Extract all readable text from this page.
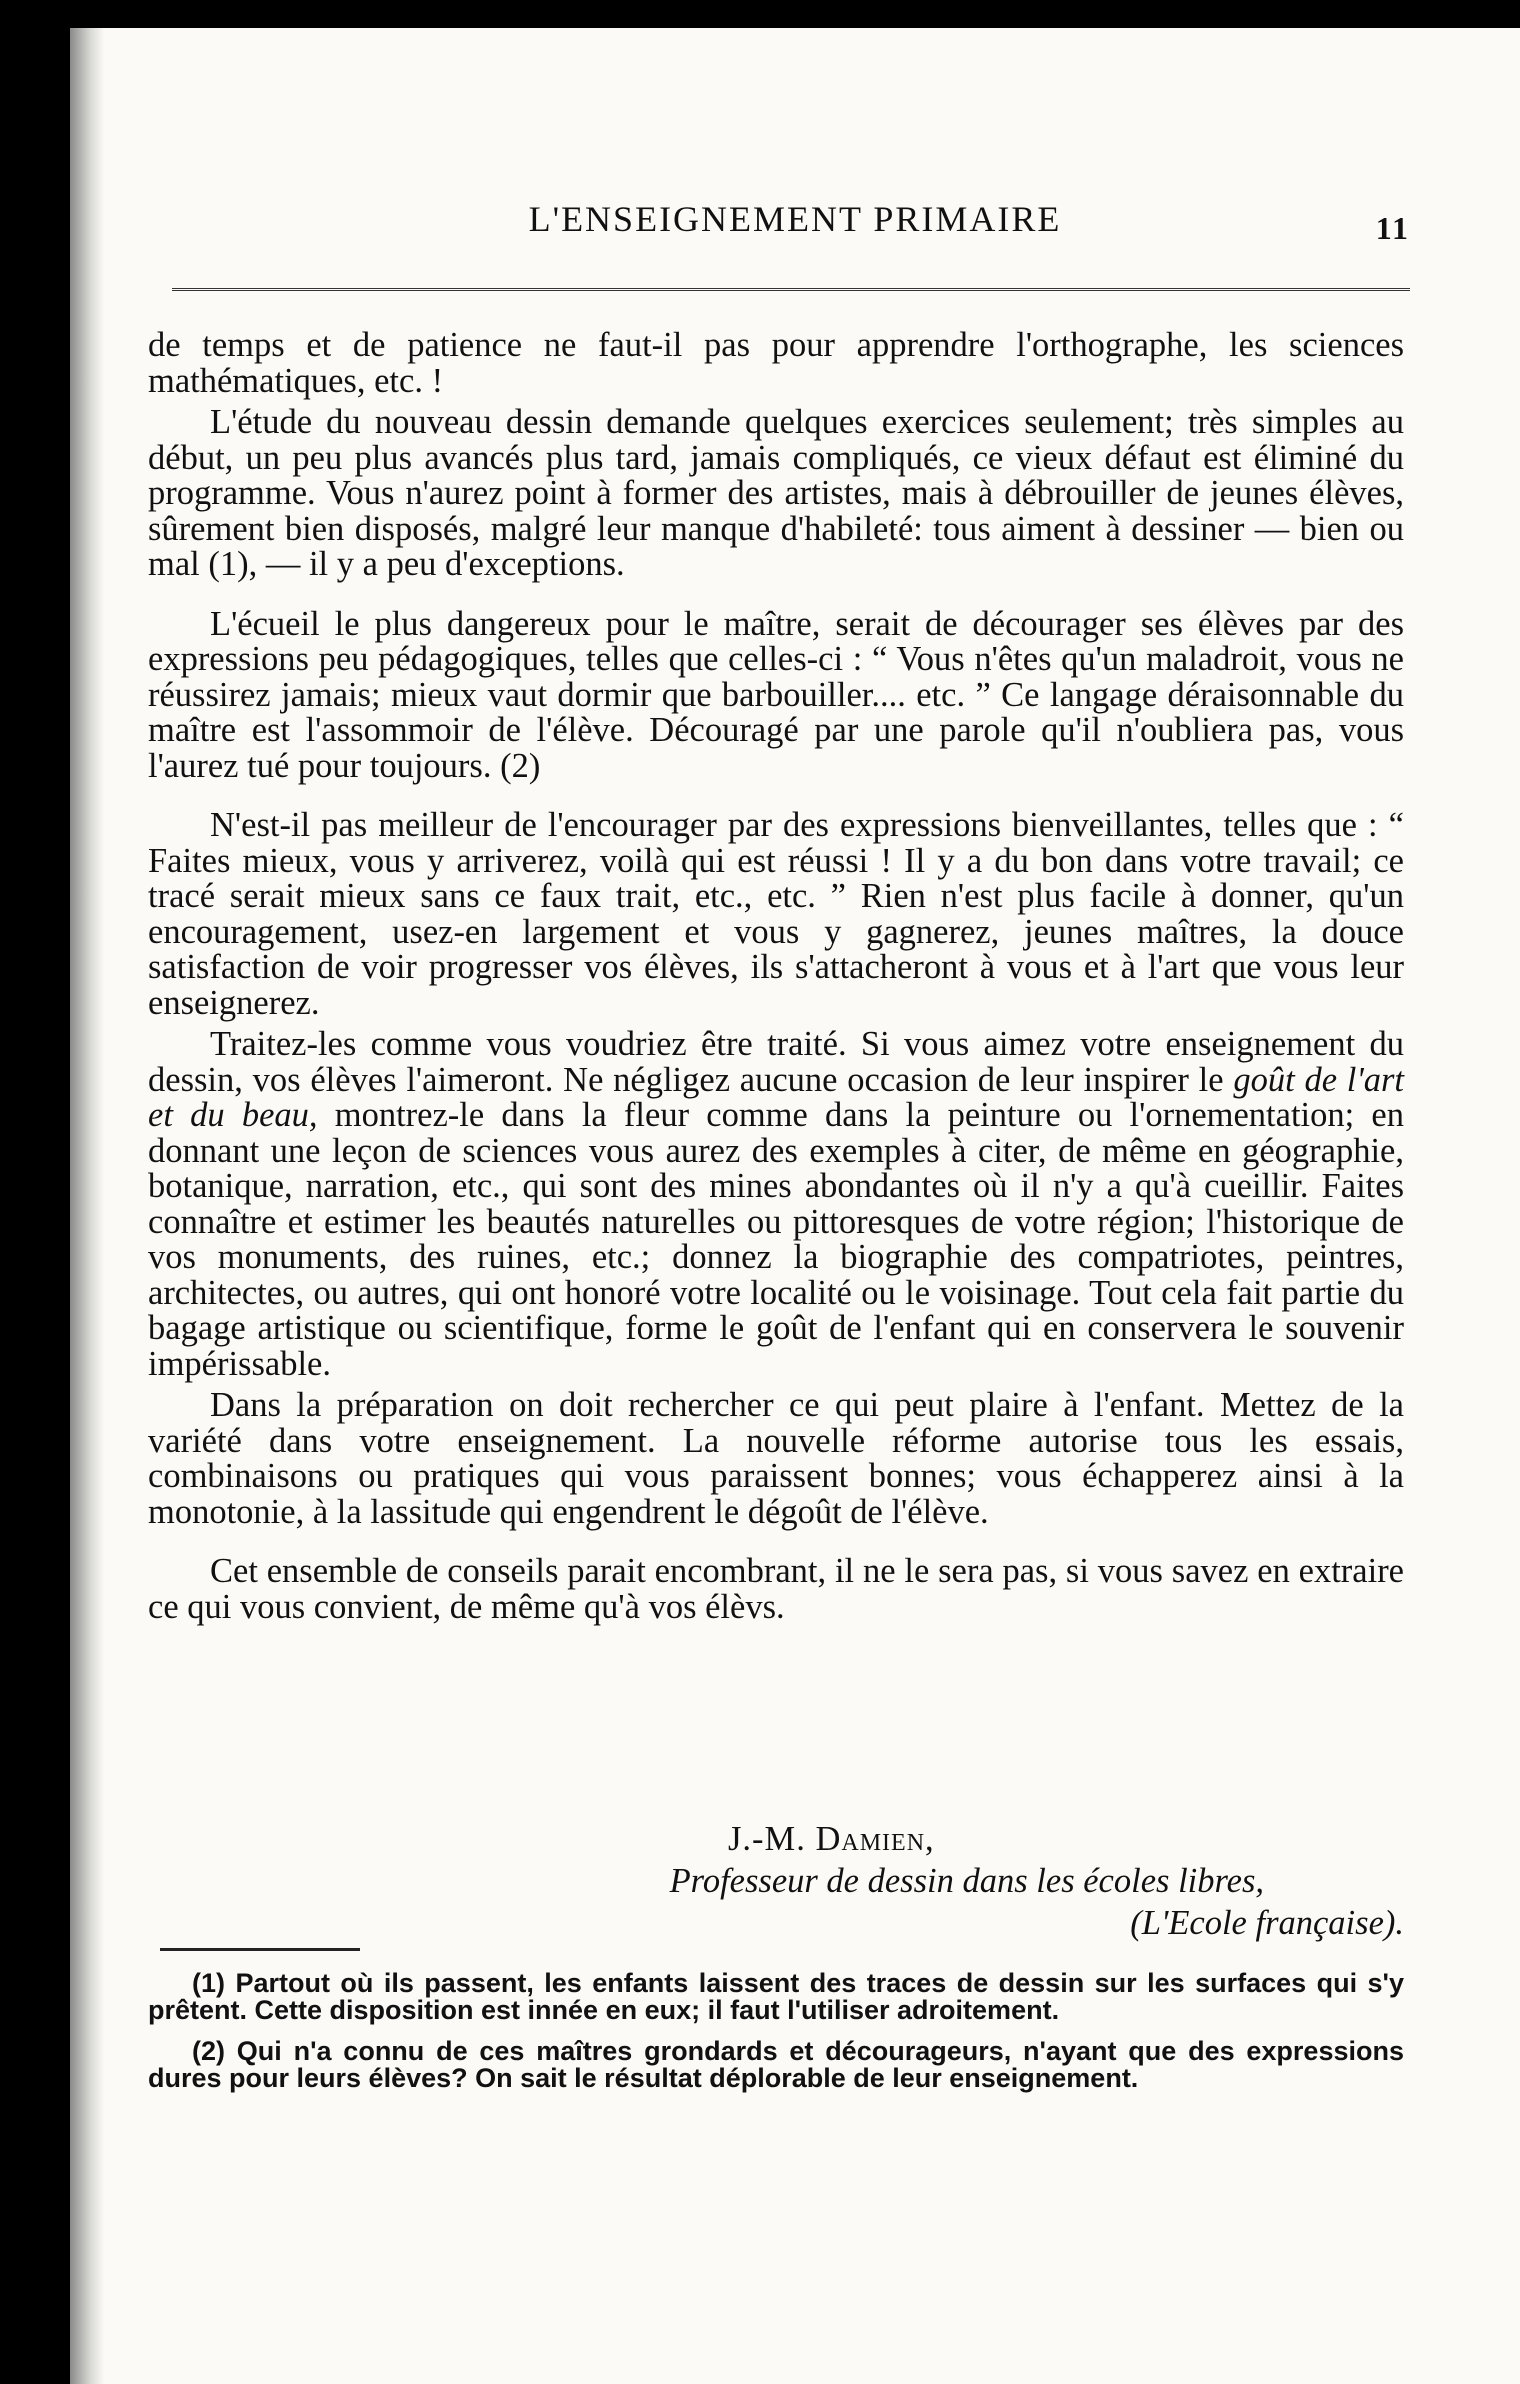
L'ENSEIGNEMENT PRIMAIRE	11

de temps et de patience ne faut-il pas pour apprendre l'orthographe, les sciences mathématiques, etc. !

L'étude du nouveau dessin demande quelques exercices seulement; très simples au début, un peu plus avancés plus tard, jamais compliqués, ce vieux défaut est éliminé du programme. Vous n'aurez point à former des artistes, mais à débrouiller de jeunes élèves, sûrement bien disposés, malgré leur manque d'habileté: tous aiment à dessiner — bien ou mal (1), — il y a peu d'exceptions.

L'écueil le plus dangereux pour le maître, serait de décourager ses élèves par des expressions peu pédagogiques, telles que celles-ci : “ Vous n'êtes qu'un maladroit, vous ne réussirez jamais; mieux vaut dormir que barbouiller.... etc. ” Ce langage déraisonnable du maître est l'assommoir de l'élève. Découragé par une parole qu'il n'oubliera pas, vous l'aurez tué pour toujours. (2)

N'est-il pas meilleur de l'encourager par des expressions bienveillantes, telles que : “ Faites mieux, vous y arriverez, voilà qui est réussi ! Il y a du bon dans votre travail; ce tracé serait mieux sans ce faux trait, etc., etc. ” Rien n'est plus facile à donner, qu'un encouragement, usez-en largement et vous y gagnerez, jeunes maîtres, la douce satisfaction de voir progresser vos élèves, ils s'attacheront à vous et à l'art que vous leur enseignerez.

Traitez-les comme vous voudriez être traité. Si vous aimez votre enseignement du dessin, vos élèves l'aimeront. Ne négligez aucune occasion de leur inspirer le goût de l'art et du beau, montrez-le dans la fleur comme dans la peinture ou l'ornementation; en donnant une leçon de sciences vous aurez des exemples à citer, de même en géographie, botanique, narration, etc., qui sont des mines abondantes où il n'y a qu'à cueillir. Faites connaître et estimer les beautés naturelles ou pittoresques de votre région; l'historique de vos monuments, des ruines, etc.; donnez la biographie des compatriotes, peintres, architectes, ou autres, qui ont honoré votre localité ou le voisinage. Tout cela fait partie du bagage artistique ou scientifique, forme le goût de l'enfant qui en conservera le souvenir impérissable.

Dans la préparation on doit rechercher ce qui peut plaire à l'enfant. Mettez de la variété dans votre enseignement. La nouvelle réforme autorise tous les essais, combinaisons ou pratiques qui vous paraissent bonnes; vous échapperez ainsi à la monotonie, à la lassitude qui engendrent le dégoût de l'élève.

Cet ensemble de conseils parait encombrant, il ne le sera pas, si vous savez en extraire ce qui vous convient, de même qu'à vos élèvs.

J.-M. Damien,
Professeur de dessin dans les écoles libres,
(L'Ecole française).

(1) Partout où ils passent, les enfants laissent des traces de dessin sur les surfaces qui s'y prêtent. Cette disposition est innée en eux; il faut l'utiliser adroitement.

(2) Qui n'a connu de ces maîtres grondards et décourageurs, n'ayant que des expressions dures pour leurs élèves? On sait le résultat déplorable de leur enseignement.
